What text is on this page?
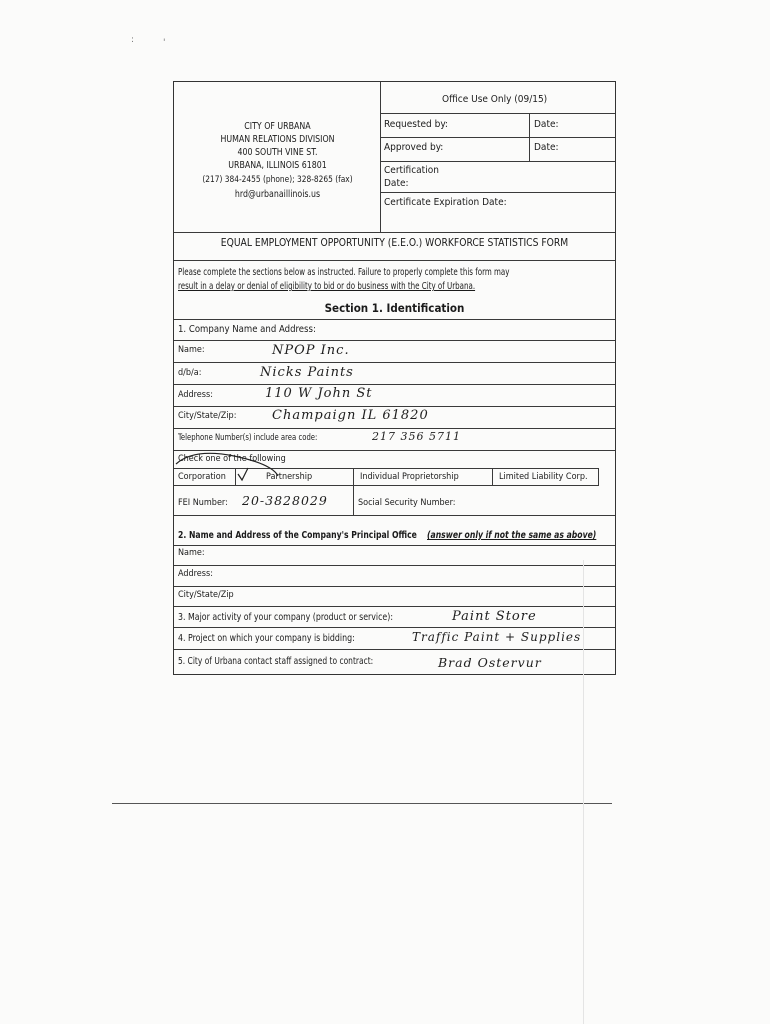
:	'
Office Use Only (09/15)
Requested by:	Date:
Approved by:	Date:
Certification
Date:
Certificate Expiration Date:
CITY OF URBANA
HUMAN RELATIONS DIVISION
400 SOUTH VINE ST.
URBANA, ILLINOIS 61801
(217) 384-2455 (phone); 328-8265 (fax)
hrd@urbanaillinois.us
EQUAL EMPLOYMENT OPPORTUNITY (E.E.O.) WORKFORCE STATISTICS FORM
Please complete the sections below as instructed. Failure to properly complete this form may
result in a delay or denial of eligibility to bid or do business with the City of Urbana.
Section 1. Identification
1. Company Name and Address:
Name:	NPOP Inc.
d/b/a:	Nicks Paints
Address:	110 W John St
City/State/Zip:	Champaign IL 61820
Telephone Number(s) include area code:	217 356 5711
Check one of the following
Corporation	Partnership	Individual Proprietorship	Limited Liability Corp.
FEI Number: 20-3828029	Social Security Number:
2. Name and Address of the Company's Principal Office (answer only if not the same as above)
Name:
Address:
City/State/Zip
3. Major activity of your company (product or service):	Paint Store
4. Project on which your company is bidding:	Traffic Paint + Supplies
5. City of Urbana contact staff assigned to contract:	Brad Ostervur
